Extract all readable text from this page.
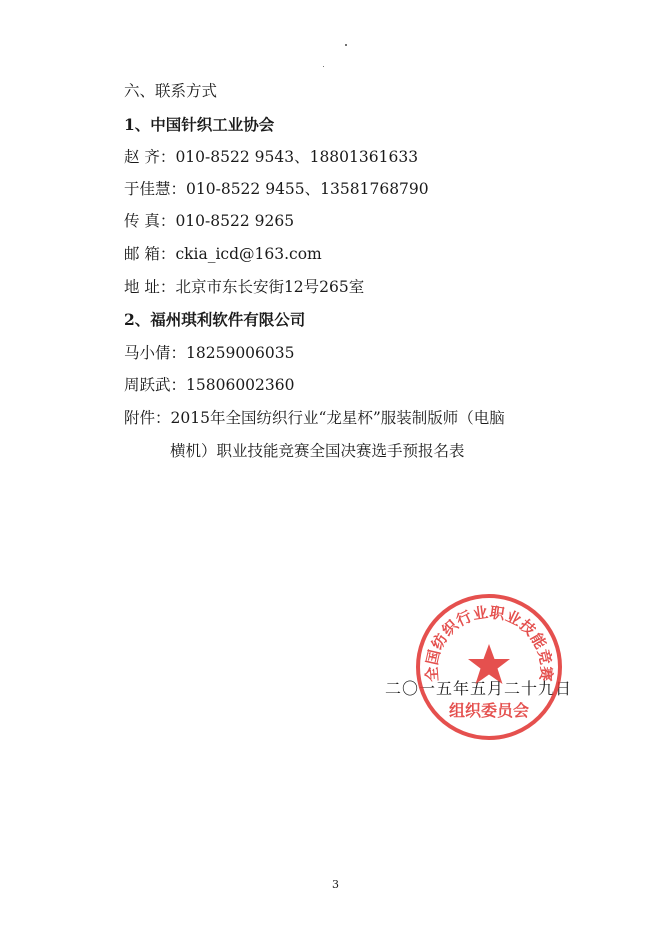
六、联系方式
1、中国针织工业协会
赵 齐：010-8522 9543、18801361633
于佳慧：010-8522 9455、13581768790
传 真：010-8522 9265
邮 箱：ckia_icd@163.com
地 址：北京市东长安街12号265室
2、福州琪利软件有限公司
马小倩：18259006035
周跃武：15806002360
附件：2015年全国纺织行业“龙星杯”服装制版师（电脑
横机）职业技能竞赛全国决赛选手预报名表
二〇一五年五月二十九日
全国纺织行业职业技能竞赛
组织委员会
3
